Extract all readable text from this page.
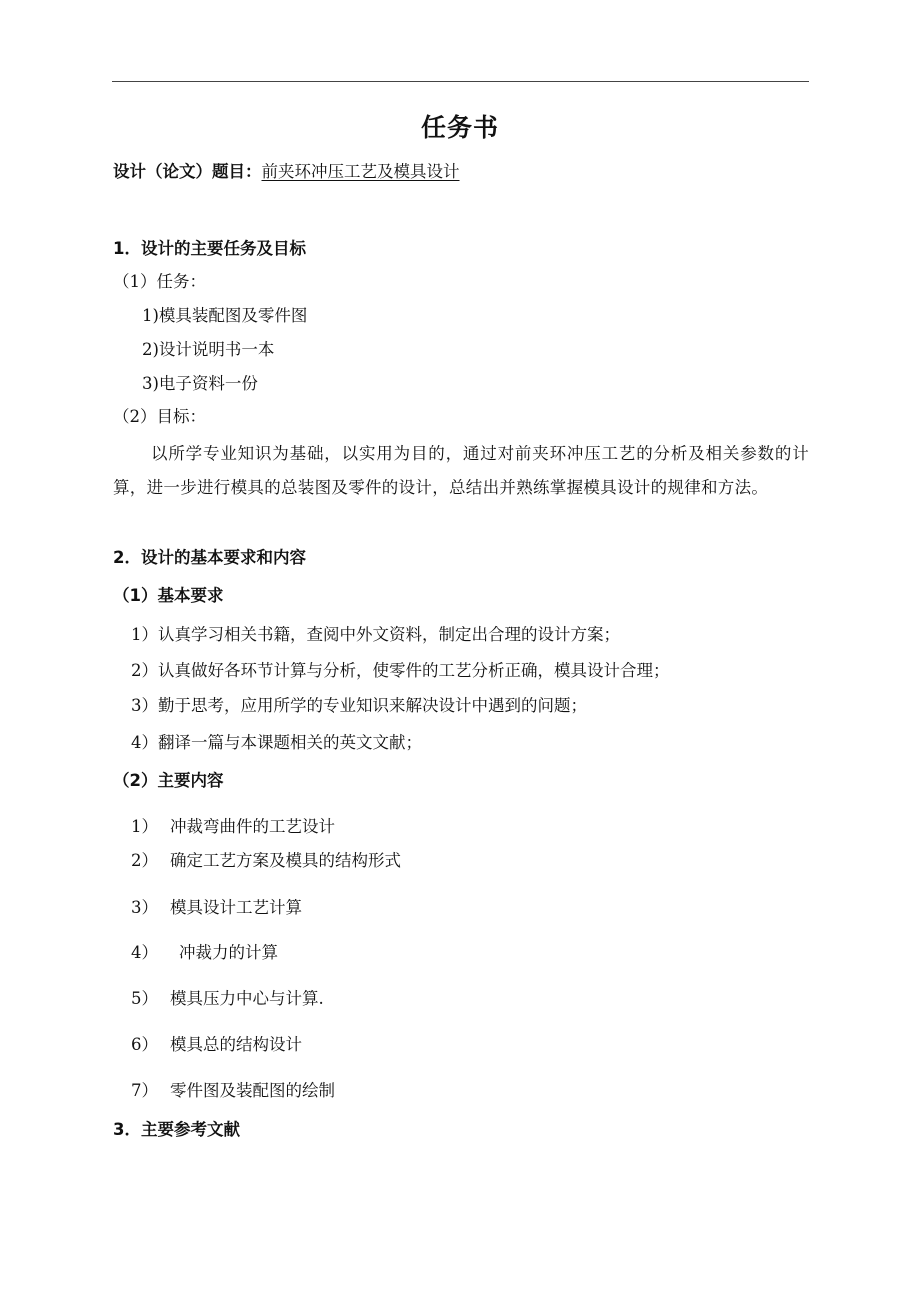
任务书
设计（论文）题目：前夹环冲压工艺及模具设计
1．设计的主要任务及目标
（1）任务：
1)模具装配图及零件图
2)设计说明书一本
3)电子资料一份
（2）目标：
以所学专业知识为基础，以实用为目的，通过对前夹环冲压工艺的分析及相关参数的计算，进一步进行模具的总装图及零件的设计，总结出并熟练掌握模具设计的规律和方法。
2．设计的基本要求和内容
（1）基本要求
1）认真学习相关书籍，查阅中外文资料，制定出合理的设计方案；
2）认真做好各环节计算与分析，使零件的工艺分析正确，模具设计合理；
3）勤于思考，应用所学的专业知识来解决设计中遇到的问题；
4）翻译一篇与本课题相关的英文文献；
（2）主要内容
1） 冲裁弯曲件的工艺设计
2） 确定工艺方案及模具的结构形式
3） 模具设计工艺计算
4） 冲裁力的计算
5） 模具压力中心与计算.
6） 模具总的结构设计
7） 零件图及装配图的绘制
3．主要参考文献
